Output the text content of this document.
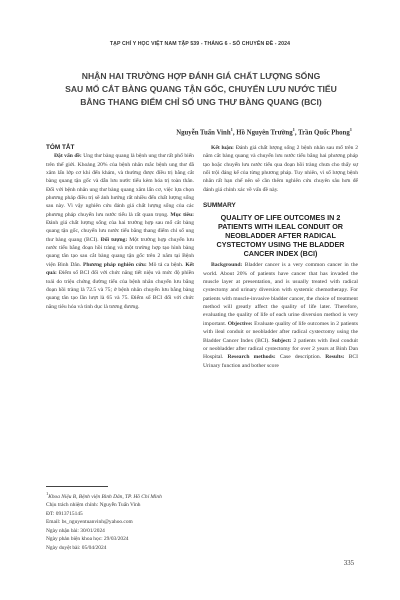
TẠP CHÍ Y HỌC VIỆT NAM TẬP 539 - THÁNG 6 - SỐ CHUYÊN ĐỀ - 2024
NHẬN HAI TRƯỜNG HỢP ĐÁNH GIÁ CHẤT LƯỢNG SỐNG
SAU MỔ CẮT BÀNG QUANG TẬN GỐC, CHUYỂN LƯU NƯỚC TIỂU
BẰNG THANG ĐIỂM CHỈ SỐ UNG THƯ BÀNG QUANG (BCI)
Nguyễn Tuấn Vinh$^1$, Hồ Nguyên Trường$^1$, Trần Quốc Phong$^1$
TÓM TẮT

Đặt vấn đề: Ung thư bàng quang là bệnh ung thư rất phổ biến trên thế giới. Khoảng 20% của bệnh nhân mắc bệnh ung thư đã xâm lấn lớp cơ khi đến khám, và thường được điều trị bằng cắt bàng quang tận gốc và dẫn lưu nước tiểu kèm hóa trị toàn thân. Đối với bệnh nhân ung thư bàng quang xâm lấn cơ, việc lựa chọn phương pháp điều trị sẽ ảnh hưởng rất nhiều đến chất lượng sống sau này. Vì vậy nghiên cứu đánh giá chất lượng sống của các phương pháp chuyển lưu nước tiểu là rất quan trọng. Mục tiêu: Đánh giá chất lượng sống của hai trường hợp sau mổ cắt bàng quang tận gốc, chuyển lưu nước tiểu bằng thang điểm chỉ số ung thư bàng quang (BCI). Đối tượng: Một trường hợp chuyển lưu nước tiểu bằng đoạn hồi tràng và một trường hợp tạo hình bàng quang tân tạo sau cắt bàng quang tận gốc trên 2 năm tại Bệnh viện Bình Dân. Phương pháp nghiên cứu: Mô tả ca bệnh. Kết quả: Điểm số BCI đối với chức năng tiết niệu và mức độ phiền toái do triệu chứng đường tiểu của bệnh nhân chuyển lưu bằng đoạn hồi tràng là 72.5 và 75; ở bệnh nhân chuyển lưu bằng bàng quang tân tạo lần lượt là 65 và 75. Điểm số BCI đối với chức năng tiêu hóa và tình dục là tương đương.

Kết luận: Đánh giá chất lượng sống 2 bệnh nhân sau mổ trên 2 năm cắt bàng quang và chuyển lưu nước tiểu bằng hai phương pháp tạo hoặc chuyển lưu nước tiểu qua đoạn hồi tràng chưa cho thấy sự nổi trội đáng kể của từng phương pháp. Tuy nhiên, vì số lượng bệnh nhân rất hạn chế nên sẽ cần thêm nghiên cứu chuyên sâu hơn để đánh giá chính xác về vấn đề này.

SUMMARY
QUALITY OF LIFE OUTCOMES IN 2 PATIENTS WITH ILEAL CONDUIT OR NEOBLADDER AFTER RADICAL CYSTECTOMY USING THE BLADDER CANCER INDEX (BCI)

Background: Bladder cancer is a very common cancer in the world. About 20% of patients have cancer that has invaded the muscle layer at presentation, and is usually treated with radical cystectomy and urinary diversion with systemic chemotherapy. For patients with muscle-invasive bladder cancer, the choice of treatment method will greatly affect the quality of life later. Therefore, evaluating the quality of life of each urine diversion method is very important. Objective: Evaluate quality of life outcomes in 2 patients with ileal conduit or neobladder after radical cystectomy using the Bladder Cancer Index (BCI). Subject: 2 patients with ileal conduit or neobladder after radical cystectomy for over 2 years at Binh Dan Hospital. Research methods: Case description. Results: BCI Urinary function and bother score

$^1$Khoa Niệu B, Bệnh viện Bình Dân, TP. Hồ Chí Minh
Chịu trách nhiệm chính: Nguyễn Tuấn Vinh
ĐT: 0913715145
Email: bs_nguyentuanvinh@yahoo.com
Ngày nhận bài: 30/01/2024
Ngày phản biện khoa học: 29/03/2024
Ngày duyệt bài: 05/04/2024
335
